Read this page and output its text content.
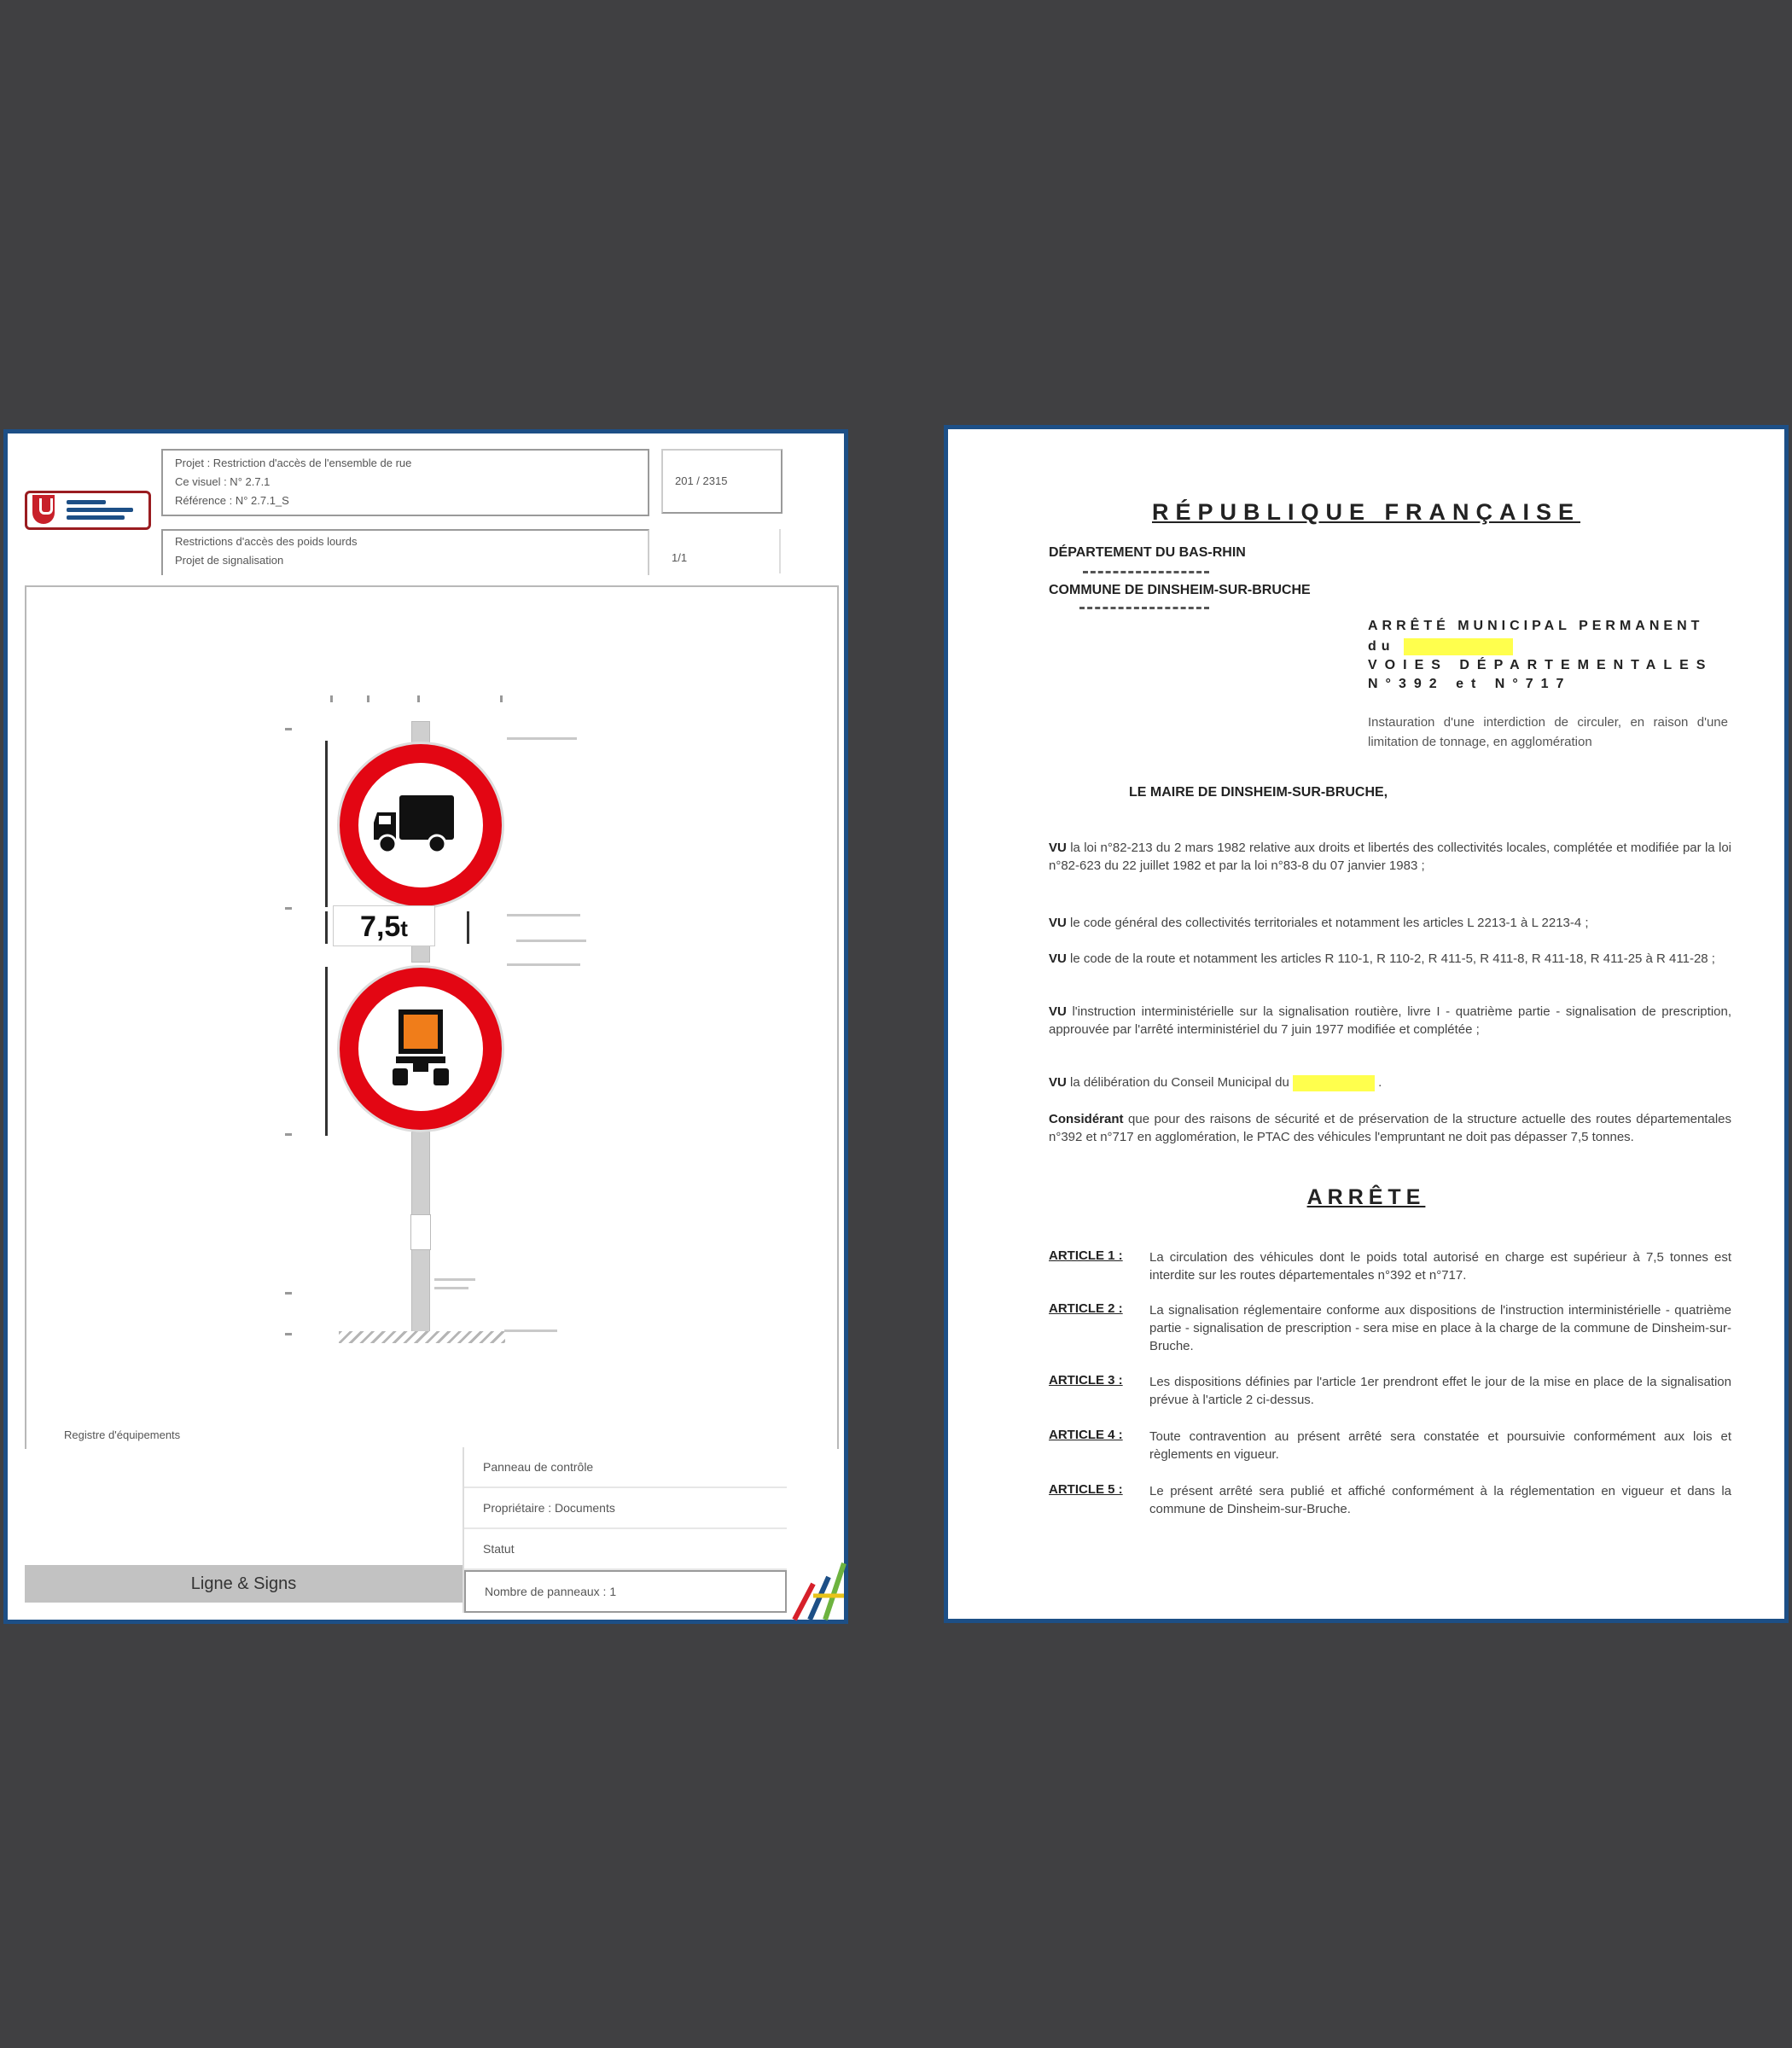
Projet : Restriction d'accès de l'ensemble de rue
Ce visuel : N° 2.7.1
Référence : N° 2.7.1_S
201 / 2315
Restrictions d'accès des poids lourds
Projet de signalisation	1/1
7,5t
Registre d'équipements
Panneau de contrôle
Propriétaire : Documents
Statut
Nombre de panneaux : 1
Ligne & Signs
RÉPUBLIQUE FRANÇAISE
DÉPARTEMENT DU BAS-RHIN
COMMUNE DE DINSHEIM-SUR-BRUCHE
ARRÊTÉ MUNICIPAL PERMANENT
du
VOIES DÉPARTEMENTALES
N°392 et N°717
Instauration d'une interdiction de circuler, en raison d'une limitation de tonnage, en agglomération
LE MAIRE DE DINSHEIM-SUR-BRUCHE,
VU la loi n°82-213 du 2 mars 1982 relative aux droits et libertés des collectivités locales, complétée et modifiée par la loi n°82-623 du 22 juillet 1982 et par la loi n°83-8 du 07 janvier 1983 ;
VU le code général des collectivités territoriales et notamment les articles L 2213-1 à L 2213-4 ;
VU le code de la route et notamment les articles R 110-1, R 110-2, R 411-5, R 411-8, R 411-18, R 411-25 à R 411-28 ;
VU l'instruction interministérielle sur la signalisation routière, livre I - quatrième partie - signalisation de prescription, approuvée par l'arrêté interministériel du 7 juin 1977 modifiée et complétée ;
VU la délibération du Conseil Municipal du	.
Considérant que pour des raisons de sécurité et de préservation de la structure actuelle des routes départementales n°392 et n°717 en agglomération, le PTAC des véhicules l'empruntant ne doit pas dépasser 7,5 tonnes.
ARRÊTE
ARTICLE 1 : La circulation des véhicules dont le poids total autorisé en charge est supérieur à 7,5 tonnes est interdite sur les routes départementales n°392 et n°717.
ARTICLE 2 : La signalisation réglementaire conforme aux dispositions de l'instruction interministérielle - quatrième partie - signalisation de prescription - sera mise en place à la charge de la commune de Dinsheim-sur-Bruche.
ARTICLE 3 : Les dispositions définies par l'article 1er prendront effet le jour de la mise en place de la signalisation prévue à l'article 2 ci-dessus.
ARTICLE 4 : Toute contravention au présent arrêté sera constatée et poursuivie conformément aux lois et règlements en vigueur.
ARTICLE 5 : Le présent arrêté sera publié et affiché conformément à la réglementation en vigueur et dans la commune de Dinsheim-sur-Bruche.
